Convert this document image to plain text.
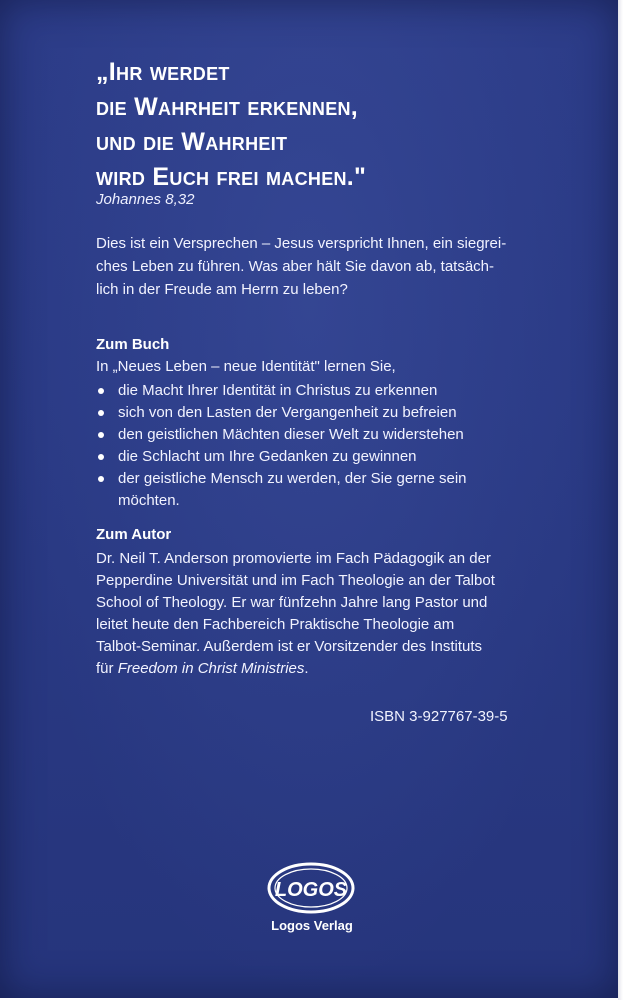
„Ihr werdet
die Wahrheit erkennen,
und die Wahrheit
wird Euch frei machen."
Johannes 8,32
Dies ist ein Versprechen – Jesus verspricht Ihnen, ein siegrei-
ches Leben zu führen. Was aber hält Sie davon ab, tatsäch-
lich in der Freude am Herrn zu leben?
Zum Buch
In „Neues Leben – neue Identität" lernen Sie,
die Macht Ihrer Identität in Christus zu erkennen
sich von den Lasten der Vergangenheit zu befreien
den geistlichen Mächten dieser Welt zu widerstehen
die Schlacht um Ihre Gedanken zu gewinnen
der geistliche Mensch zu werden, der Sie gerne sein
möchten.
Zum Autor
Dr. Neil T. Anderson promovierte im Fach Pädagogik an der
Pepperdine Universität und im Fach Theologie an der Talbot
School of Theology. Er war fünfzehn Jahre lang Pastor und
leitet heute den Fachbereich Praktische Theologie am
Talbot-Seminar. Außerdem ist er Vorsitzender des Instituts
für Freedom in Christ Ministries.
ISBN 3-927767-39-5
LOGOS
Logos Verlag
